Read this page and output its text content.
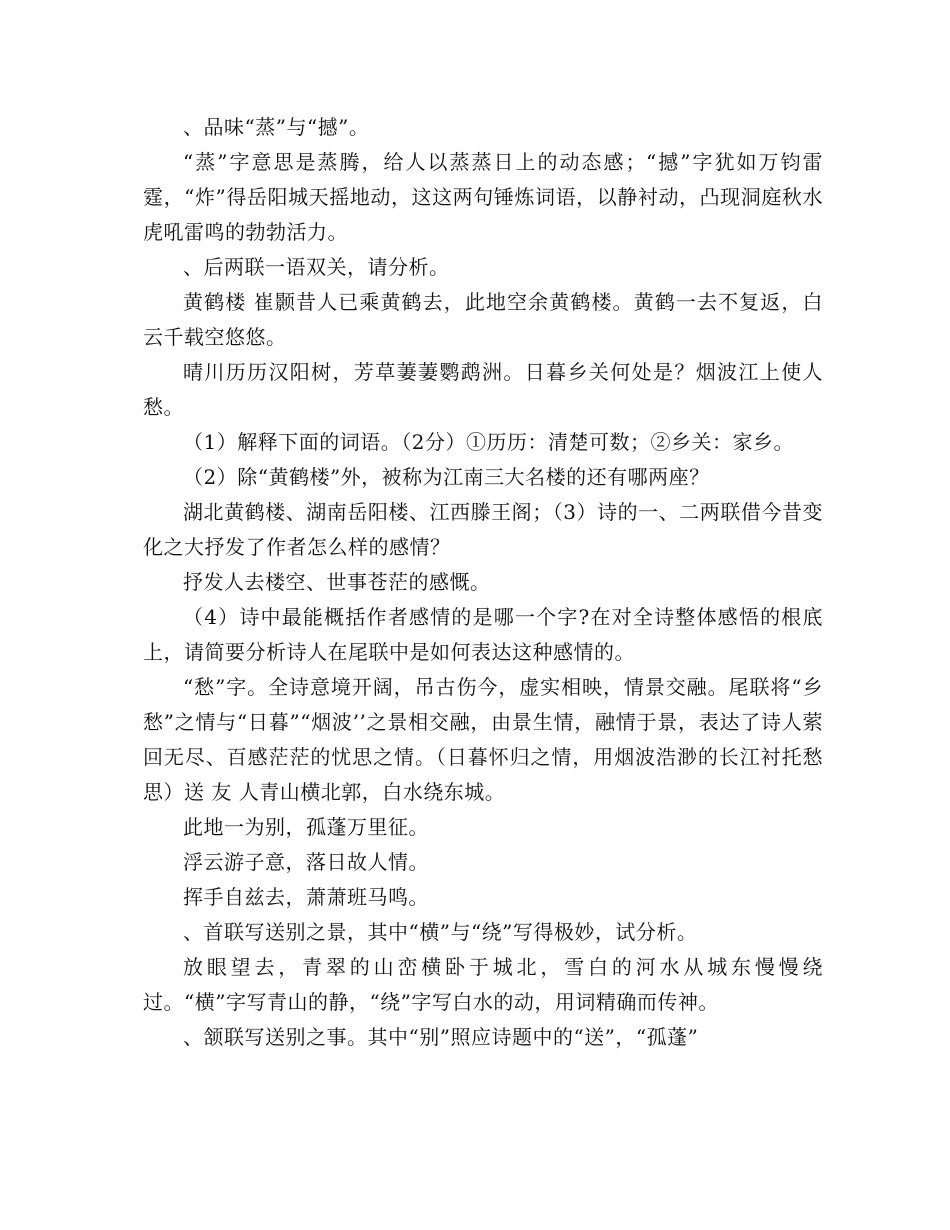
、品味“蒸”与“撼”。

“蒸”字意思是蒸腾，给人以蒸蒸日上的动态感；“撼”字犹如万钧雷霆，“炸”得岳阳城天摇地动，这这两句锤炼词语，以静衬动，凸现洞庭秋水虎吼雷鸣的勃勃活力。

、后两联一语双关，请分析。

黄鹤楼 崔颢昔人已乘黄鹤去，此地空余黄鹤楼。黄鹤一去不复返，白云千载空悠悠。

晴川历历汉阳树，芳草萋萋鹦鹉洲。日暮乡关何处是？烟波江上使人愁。

（1）解释下面的词语。（2分）①历历：清楚可数；②乡关：家乡。

（2）除“黄鹤楼”外，被称为江南三大名楼的还有哪两座？

湖北黄鹤楼、湖南岳阳楼、江西滕王阁；（3）诗的一、二两联借今昔变化之大抒发了作者怎么样的感情？

抒发人去楼空、世事苍茫的感慨。

（4）诗中最能概括作者感情的是哪一个字?在对全诗整体感悟的根底上，请简要分析诗人在尾联中是如何表达这种感情的。

“愁”字。全诗意境开阔，吊古伤今，虚实相映，情景交融。尾联将“乡愁”之情与“日暮”“烟波’’之景相交融，由景生情，融情于景，表达了诗人萦回无尽、百感茫茫的忧思之情。（日暮怀归之情，用烟波浩渺的长江衬托愁思）送 友 人青山横北郭，白水绕东城。

此地一为别，孤蓬万里征。

浮云游子意，落日故人情。

挥手自兹去，萧萧班马鸣。

、首联写送别之景，其中“横”与“绕”写得极妙，试分析。

放眼望去，青翠的山峦横卧于城北，雪白的河水从城东慢慢绕过。“横”字写青山的静，“绕”字写白水的动，用词精确而传神。

、颔联写送别之事。其中“别”照应诗题中的“送”，“孤蓬”
